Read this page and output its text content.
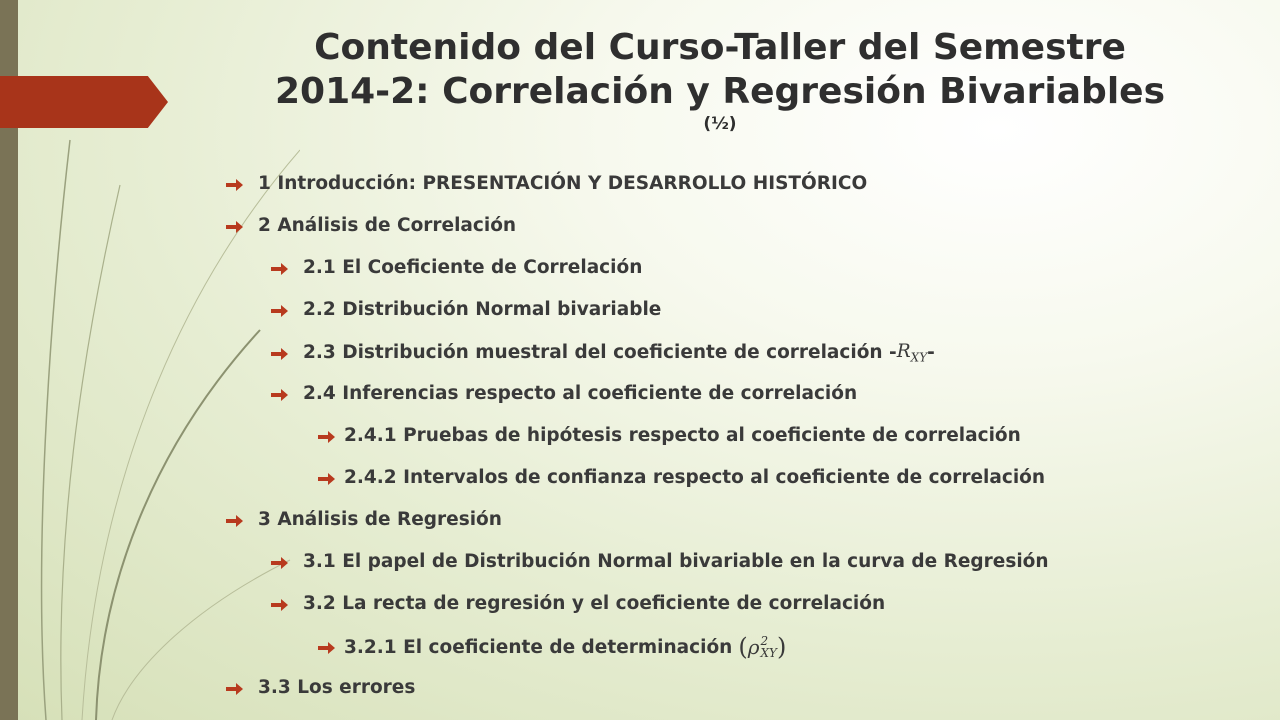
Contenido del Curso-Taller del Semestre
2014-2: Correlación y Regresión Bivariables
(½)
1 Introducción: PRESENTACIÓN Y DESARROLLO HISTÓRICO
2 Análisis de Correlación
2.1 El Coeficiente de Correlación
2.2 Distribución Normal bivariable
2.3 Distribución muestral del coeficiente de correlación - $R_{XY}$ -
2.4 Inferencias respecto al coeficiente de correlación
2.4.1 Pruebas de hipótesis respecto al coeficiente de correlación
2.4.2 Intervalos de confianza respecto al coeficiente de correlación
3 Análisis de Regresión
3.1 El papel de Distribución Normal bivariable en la curva de Regresión
3.2 La recta de regresión y el coeficiente de correlación
3.2.1 El coeficiente de determinación ( ρ 2
XY )
3.3 Los errores
